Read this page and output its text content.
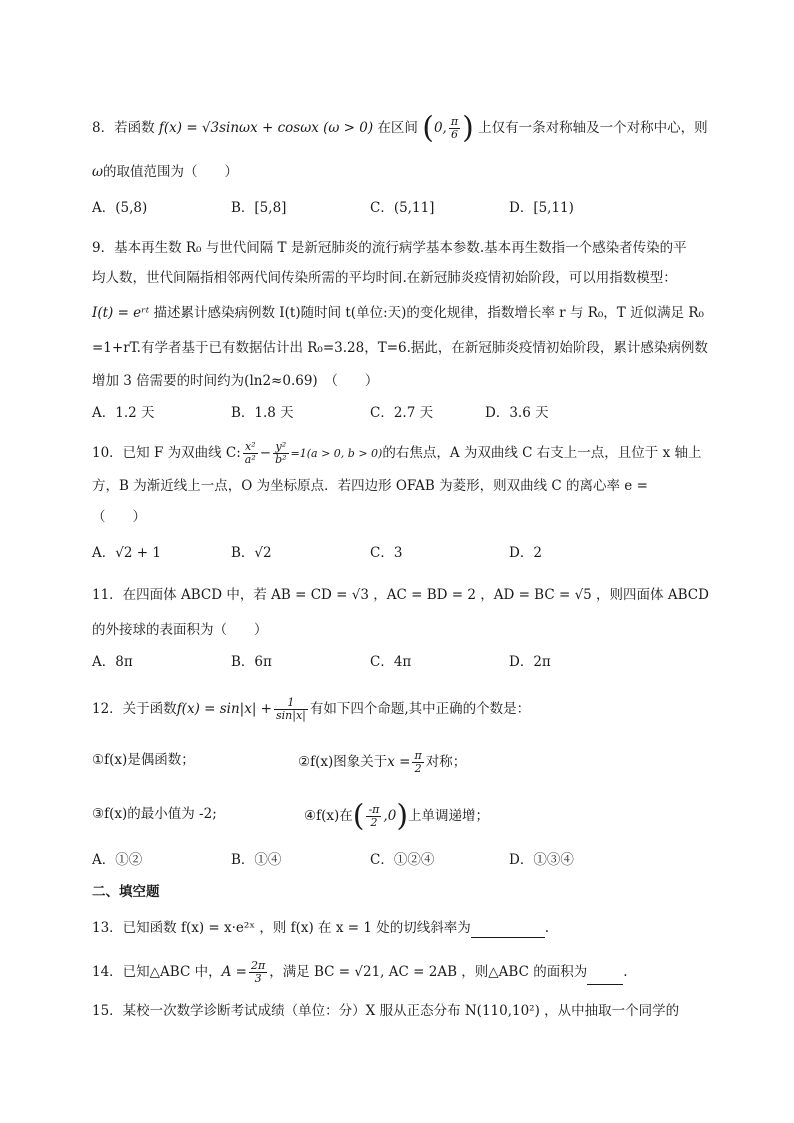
8．若函数 f(x) = √3sinωx + cosωx (ω > 0) 在区间 (0, $\frac{\pi}{6}$ ) 上仅有一条对称轴及一个对称中心，则
ω的取值范围为（　　）
A．(5,8)	B．[5,8]	C．(5,11]	D．[5,11)
9．基本再生数 R₀ 与世代间隔 T 是新冠肺炎的流行病学基本参数.基本再生数指一个感染者传染的平
均人数，世代间隔指相邻两代间传染所需的平均时间.在新冠肺炎疫情初始阶段，可以用指数模型：
I(t) = eʳᵗ 描述累计感染病例数 I(t)随时间 t(单位:天)的变化规律，指数增长率 r 与 R₀，T 近似满足 R₀
=1+rT.有学者基于已有数据估计出 R₀=3.28，T=6.据此，在新冠肺炎疫情初始阶段，累计感染病例数
增加 3 倍需要的时间约为(ln2≈0.69)　（　　）
A．1.2 天	B．1.8 天	C．2.7 天	D．3.6 天
10．已知 F 为双曲线 C: $\frac{\text{x²}}{\text{a²}} - \frac{\text{y²}}{\text{b²}} =1(a > 0$, b > 0)的右焦点，A 为双曲线 C 右支上一点，且位于 x 轴上
方，B 为渐近线上一点，O 为坐标原点．若四边形 OFAB 为菱形，则双曲线 C 的离心率 e =
（　　）
A．√2 + 1	B．√2	C．3	D．2
11．在四面体 ABCD 中，若 AB = CD = √3 ，AC = BD = 2 ，AD = BC = √5 ，则四面体 ABCD
的外接球的表面积为（　　）
A．8π	B．6π	C．4π	D．2π
12．关于函数$f(x) = \sin|x| + \frac{1}{\sin|x|}$ 有如下四个命题,其中正确的个数是：
①f(x)是偶函数；	②f(x)图象关于$x = \frac{\pi}{2}$ 对称；
③f(x)的最小值为 -2;	④f(x)在( $\frac{-\pi}{2} ,0$)上单调递增；
A．①②	B．①④	C．①②④	D．①③④
二、填空题
13．已知函数 f(x) = x·e²ˣ ，则 f(x) 在 x = 1 处的切线斜率为	.
14．已知△ABC 中，$A = \frac{2\pi}{3}$ ，满足 BC = √21, AC = 2AB ，则△ABC 的面积为	.
15．某校一次数学诊断考试成绩（单位：分）X 服从正态分布 N(110,10²) ，从中抽取一个同学的
